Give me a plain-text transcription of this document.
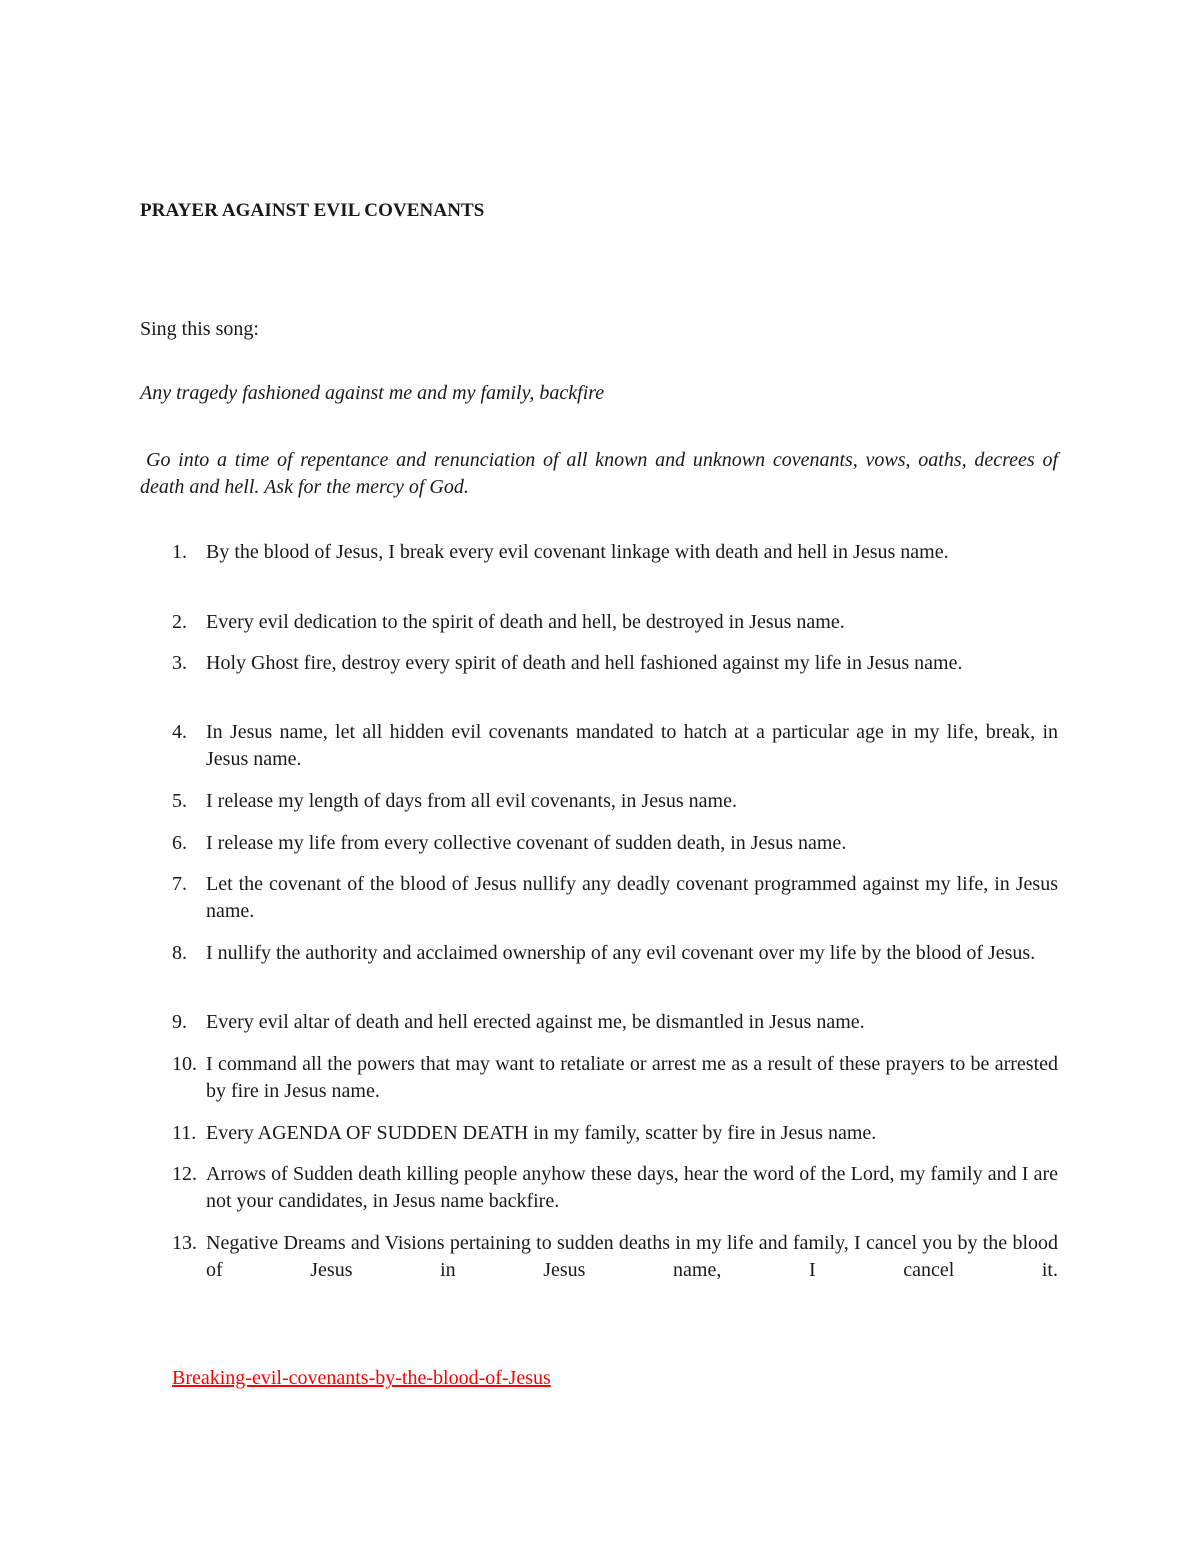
PRAYER AGAINST EVIL COVENANTS
Sing this song:
Any tragedy fashioned against me and my family, backfire
Go into a time of repentance and renunciation of all known and unknown covenants, vows, oaths, decrees of death and hell. Ask for the mercy of God.
1. By the blood of Jesus, I break every evil covenant linkage with death and hell in Jesus name.
2. Every evil dedication to the spirit of death and hell, be destroyed in Jesus name.
3. Holy Ghost fire, destroy every spirit of death and hell fashioned against my life in Jesus name.
4. In Jesus name, let all hidden evil covenants mandated to hatch at a particular age in my life, break, in Jesus name.
5. I release my length of days from all evil covenants, in Jesus name.
6. I release my life from every collective covenant of sudden death, in Jesus name.
7. Let the covenant of the blood of Jesus nullify any deadly covenant programmed against my life, in Jesus name.
8. I nullify the authority and acclaimed ownership of any evil covenant over my life by the blood of Jesus.
9. Every evil altar of death and hell erected against me, be dismantled in Jesus name.
10. I command all the powers that may want to retaliate or arrest me as a result of these prayers to be arrested by fire in Jesus name.
11. Every AGENDA OF SUDDEN DEATH in my family, scatter by fire in Jesus name.
12. Arrows of Sudden death killing people anyhow these days, hear the word of the Lord, my family and I are not your candidates, in Jesus name backfire.
13. Negative Dreams and Visions pertaining to sudden deaths in my life and family, I cancel you by the blood of Jesus in Jesus name, I cancel it.
Breaking-evil-covenants-by-the-blood-of-Jesus
